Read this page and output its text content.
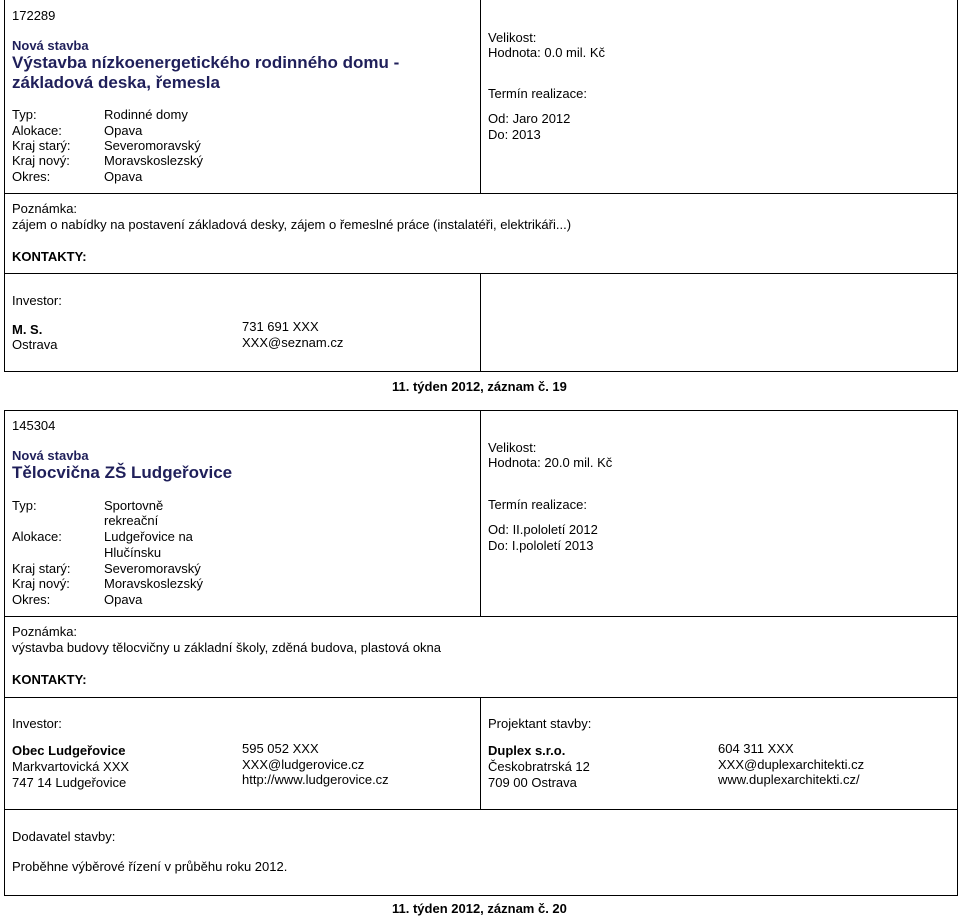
172289
Nová stavba
Výstavba nízkoenergetického rodinného domu -
základová deska, řemesla
Typ:	Rodinné domy
Alokace:	Opava
Kraj starý:	Severomoravský
Kraj nový:	Moravskoslezský
Okres:	Opava
Velikost:
Hodnota: 0.0 mil. Kč
Termín realizace:
Od: Jaro 2012
Do: 2013
Poznámka:
zájem o nabídky na postavení základová desky, zájem o řemeslné práce (instalatéři, elektrikáři...)
KONTAKTY:
Investor:
M. S.
Ostrava
731 691 XXX
XXX@seznam.cz
11. týden 2012, záznam č. 19
145304
Nová stavba
Tělocvična ZŠ Ludgeřovice
Typ:	Sportovně
rekreační
Alokace:	Ludgeřovice na
Hlučínsku
Kraj starý:	Severomoravský
Kraj nový:	Moravskoslezský
Okres:	Opava
Velikost:
Hodnota: 20.0 mil. Kč
Termín realizace:
Od: II.pololetí 2012
Do: I.pololetí 2013
Poznámka:
výstavba budovy tělocvičny u základní školy, zděná budova, plastová okna
KONTAKTY:
Investor:
Obec Ludgeřovice
Markvartovická XXX
747 14 Ludgeřovice
595 052 XXX
XXX@ludgerovice.cz
http://www.ludgerovice.cz
Projektant stavby:
Duplex s.r.o.
Českobratrská 12
709 00 Ostrava
604 311 XXX
XXX@duplexarchitekti.cz
www.duplexarchitekti.cz/
Dodavatel stavby:
Proběhne výběrové řízení v průběhu roku 2012.
11. týden 2012, záznam č. 20
